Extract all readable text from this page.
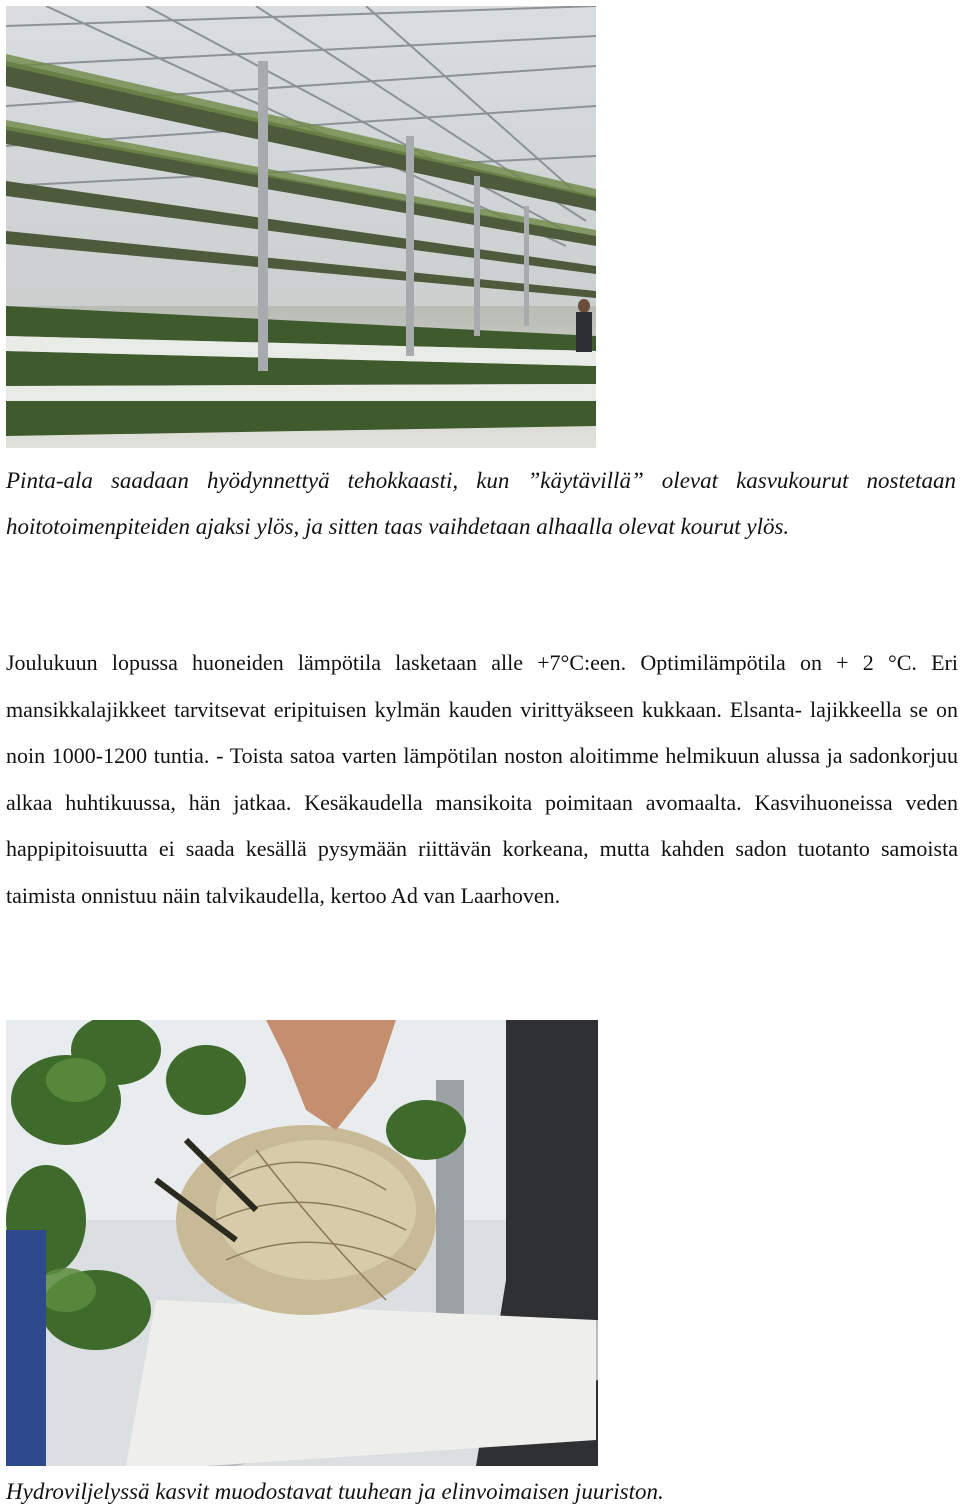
Pinta-ala saadaan hyödynnettyä tehokkaasti, kun ”käytävillä” olevat kasvukourut nostetaan hoitotoimenpiteiden ajaksi ylös, ja sitten taas vaihdetaan alhaalla olevat kourut ylös.

Joulukuun lopussa huoneiden lämpötila lasketaan alle +7°C:een. Optimilämpötila on + 2 °C. Eri mansikkalajikkeet tarvitsevat eripituisen kylmän kauden virittyäkseen kukkaan. Elsanta- lajikkeella se on noin 1000-1200 tuntia. - Toista satoa varten lämpötilan noston aloitimme helmikuun alussa ja sadonkorjuu alkaa huhtikuussa, hän jatkaa. Kesäkaudella mansikoita poimitaan avomaalta. Kasvihuoneissa veden happipitoisuutta ei saada kesällä pysymään riittävän korkeana, mutta kahden sadon tuotanto samoista taimista onnistuu näin talvikaudella, kertoo Ad van Laarhoven.

Hydroviljelyssä kasvit muodostavat tuuhean ja elinvoimaisen juuriston.
